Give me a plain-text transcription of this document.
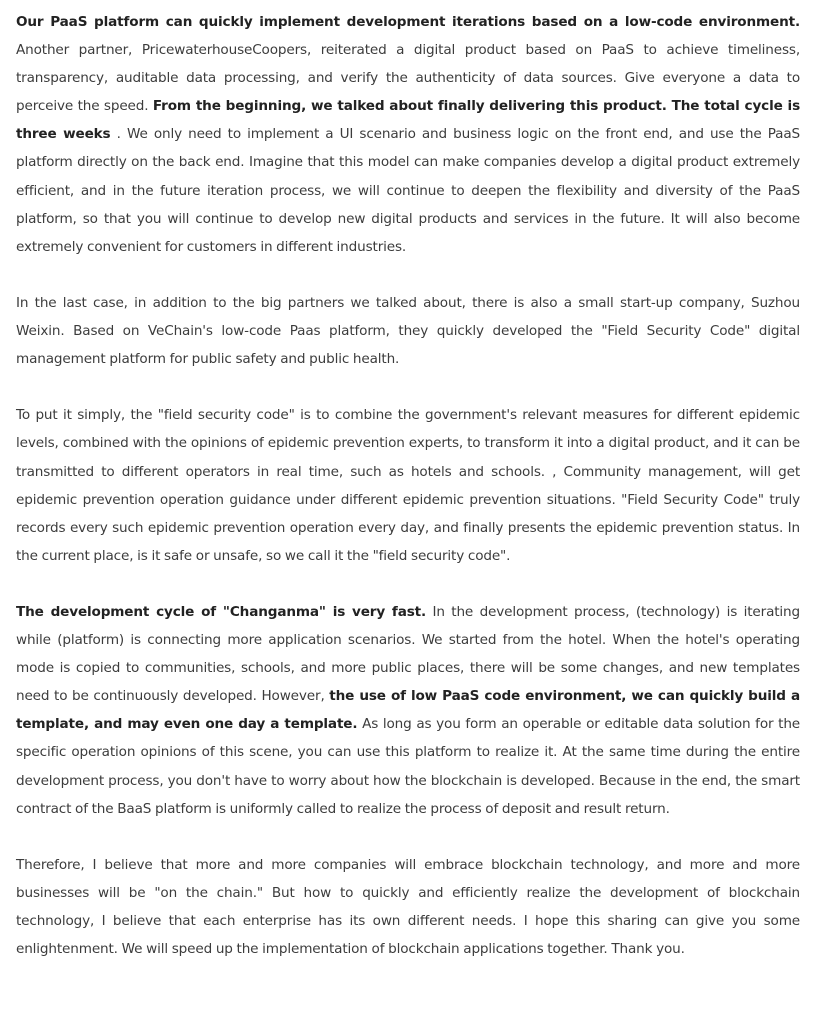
Our PaaS platform can quickly implement development iterations based on a low-code environment. Another partner, PricewaterhouseCoopers, reiterated a digital product based on PaaS to achieve timeliness, transparency, auditable data processing, and verify the authenticity of data sources. Give everyone a data to perceive the speed. From the beginning, we talked about finally delivering this product. The total cycle is three weeks . We only need to implement a UI scenario and business logic on the front end, and use the PaaS platform directly on the back end. Imagine that this model can make companies develop a digital product extremely efficient, and in the future iteration process, we will continue to deepen the flexibility and diversity of the PaaS platform, so that you will continue to develop new digital products and services in the future. It will also become extremely convenient for customers in different industries.

In the last case, in addition to the big partners we talked about, there is also a small start-up company, Suzhou Weixin. Based on VeChain's low-code Paas platform, they quickly developed the "Field Security Code" digital management platform for public safety and public health.

To put it simply, the "field security code" is to combine the government's relevant measures for different epidemic levels, combined with the opinions of epidemic prevention experts, to transform it into a digital product, and it can be transmitted to different operators in real time, such as hotels and schools. , Community management, will get epidemic prevention operation guidance under different epidemic prevention situations. "Field Security Code" truly records every such epidemic prevention operation every day, and finally presents the epidemic prevention status. In the current place, is it safe or unsafe, so we call it the "field security code".

The development cycle of "Changanma" is very fast. In the development process, (technology) is iterating while (platform) is connecting more application scenarios. We started from the hotel. When the hotel's operating mode is copied to communities, schools, and more public places, there will be some changes, and new templates need to be continuously developed. However, the use of low PaaS code environment, we can quickly build a template, and may even one day a template. As long as you form an operable or editable data solution for the specific operation opinions of this scene, you can use this platform to realize it. At the same time during the entire development process, you don't have to worry about how the blockchain is developed. Because in the end, the smart contract of the BaaS platform is uniformly called to realize the process of deposit and result return.

Therefore, I believe that more and more companies will embrace blockchain technology, and more and more businesses will be "on the chain." But how to quickly and efficiently realize the development of blockchain technology, I believe that each enterprise has its own different needs. I hope this sharing can give you some enlightenment. We will speed up the implementation of blockchain applications together. Thank you.
